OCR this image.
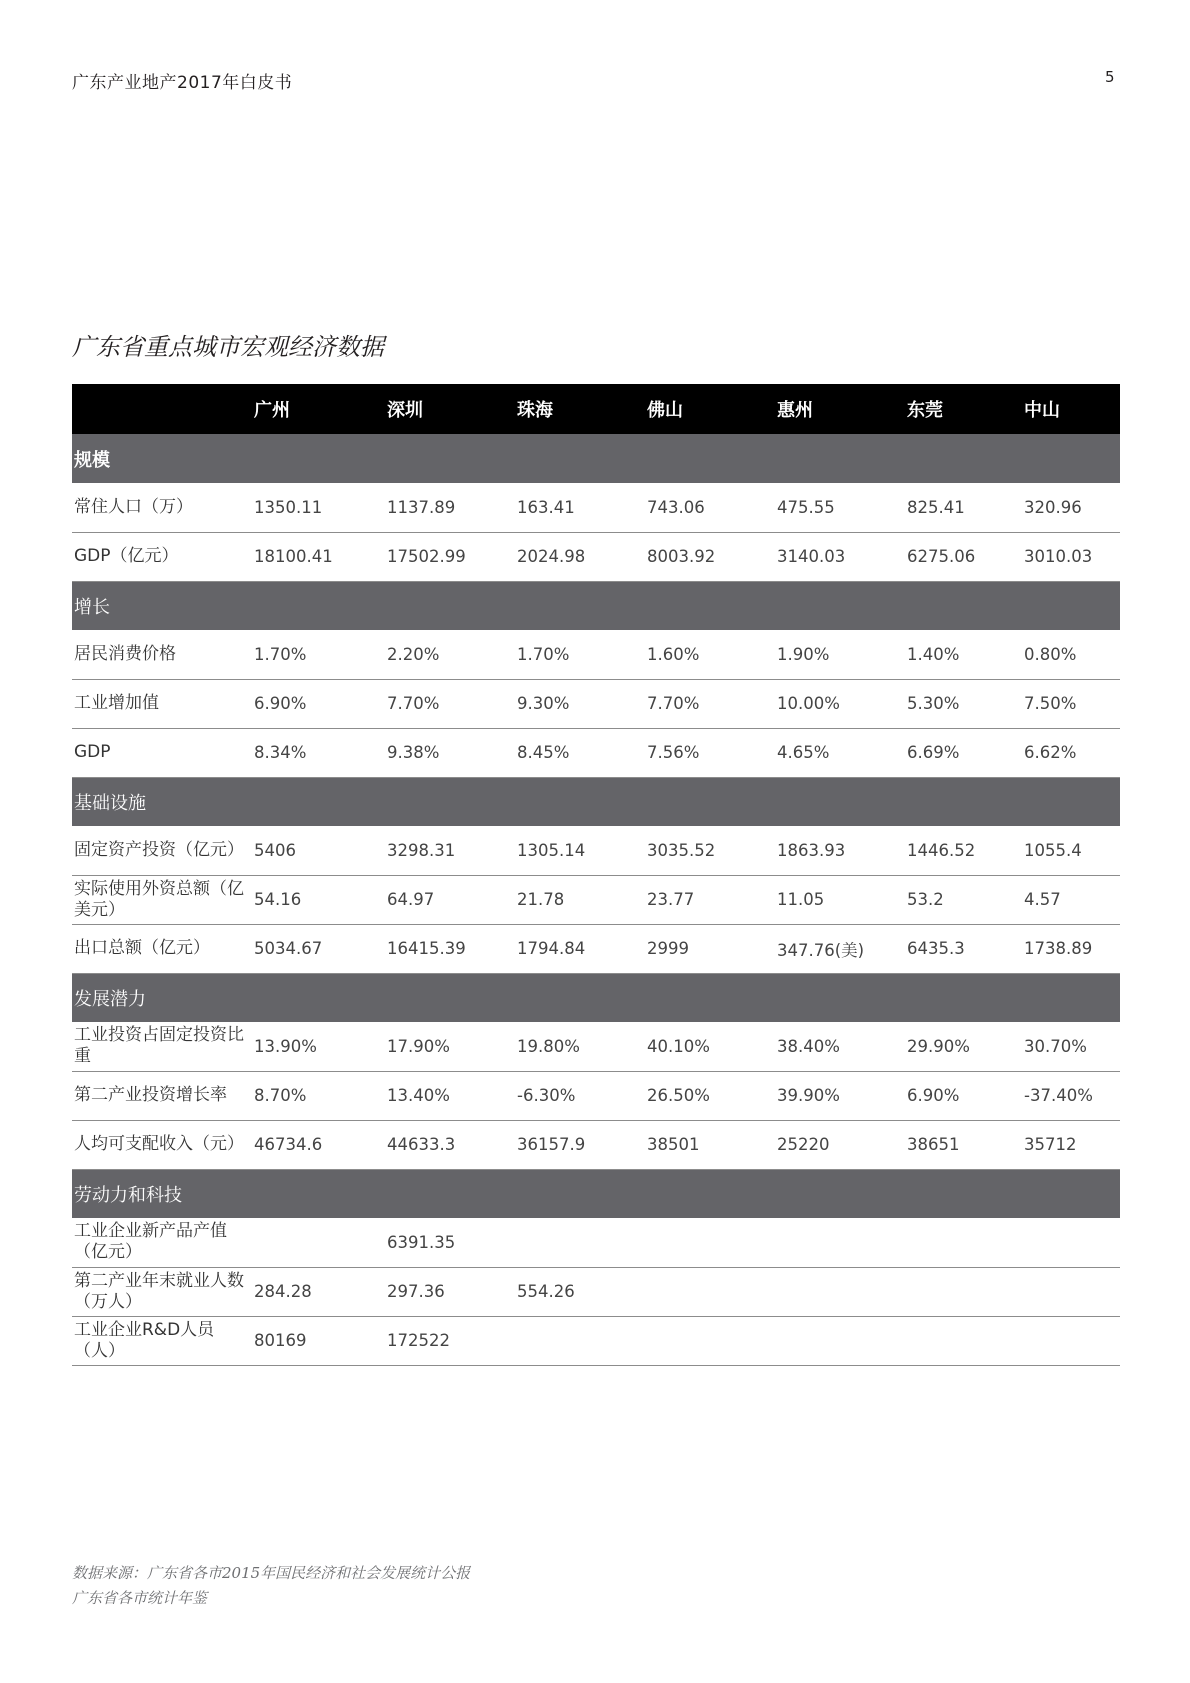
广东产业地产2017年白皮书	5
广东省重点城市宏观经济数据
	广州	深圳	珠海	佛山	惠州	东莞	中山
规模							
常住人口（万）	1350.11	1137.89	163.41	743.06	475.55	825.41	320.96
GDP（亿元）	18100.41	17502.99	2024.98	8003.92	3140.03	6275.06	3010.03
增长							
居民消费价格	1.70%	2.20%	1.70%	1.60%	1.90%	1.40%	0.80%
工业增加值	6.90%	7.70%	9.30%	7.70%	10.00%	5.30%	7.50%
GDP	8.34%	9.38%	8.45%	7.56%	4.65%	6.69%	6.62%
基础设施							
固定资产投资（亿元）	5406	3298.31	1305.14	3035.52	1863.93	1446.52	1055.4
实际使用外资总额（亿美元）	54.16	64.97	21.78	23.77	11.05	53.2	4.57
出口总额（亿元）	5034.67	16415.39	1794.84	2999	347.76(美)	6435.3	1738.89
发展潜力							
工业投资占固定投资比重	13.90%	17.90%	19.80%	40.10%	38.40%	29.90%	30.70%
第二产业投资增长率	8.70%	13.40%	-6.30%	26.50%	39.90%	6.90%	-37.40%
人均可支配收入（元）	46734.6	44633.3	36157.9	38501	25220	38651	35712
劳动力和科技							
工业企业新产品产值（亿元）		6391.35					
第二产业年末就业人数（万人）	284.28	297.36	554.26				
工业企业R&D人员（人）	80169	172522					
数据来源：广东省各市2015年国民经济和社会发展统计公报
广东省各市统计年鉴
